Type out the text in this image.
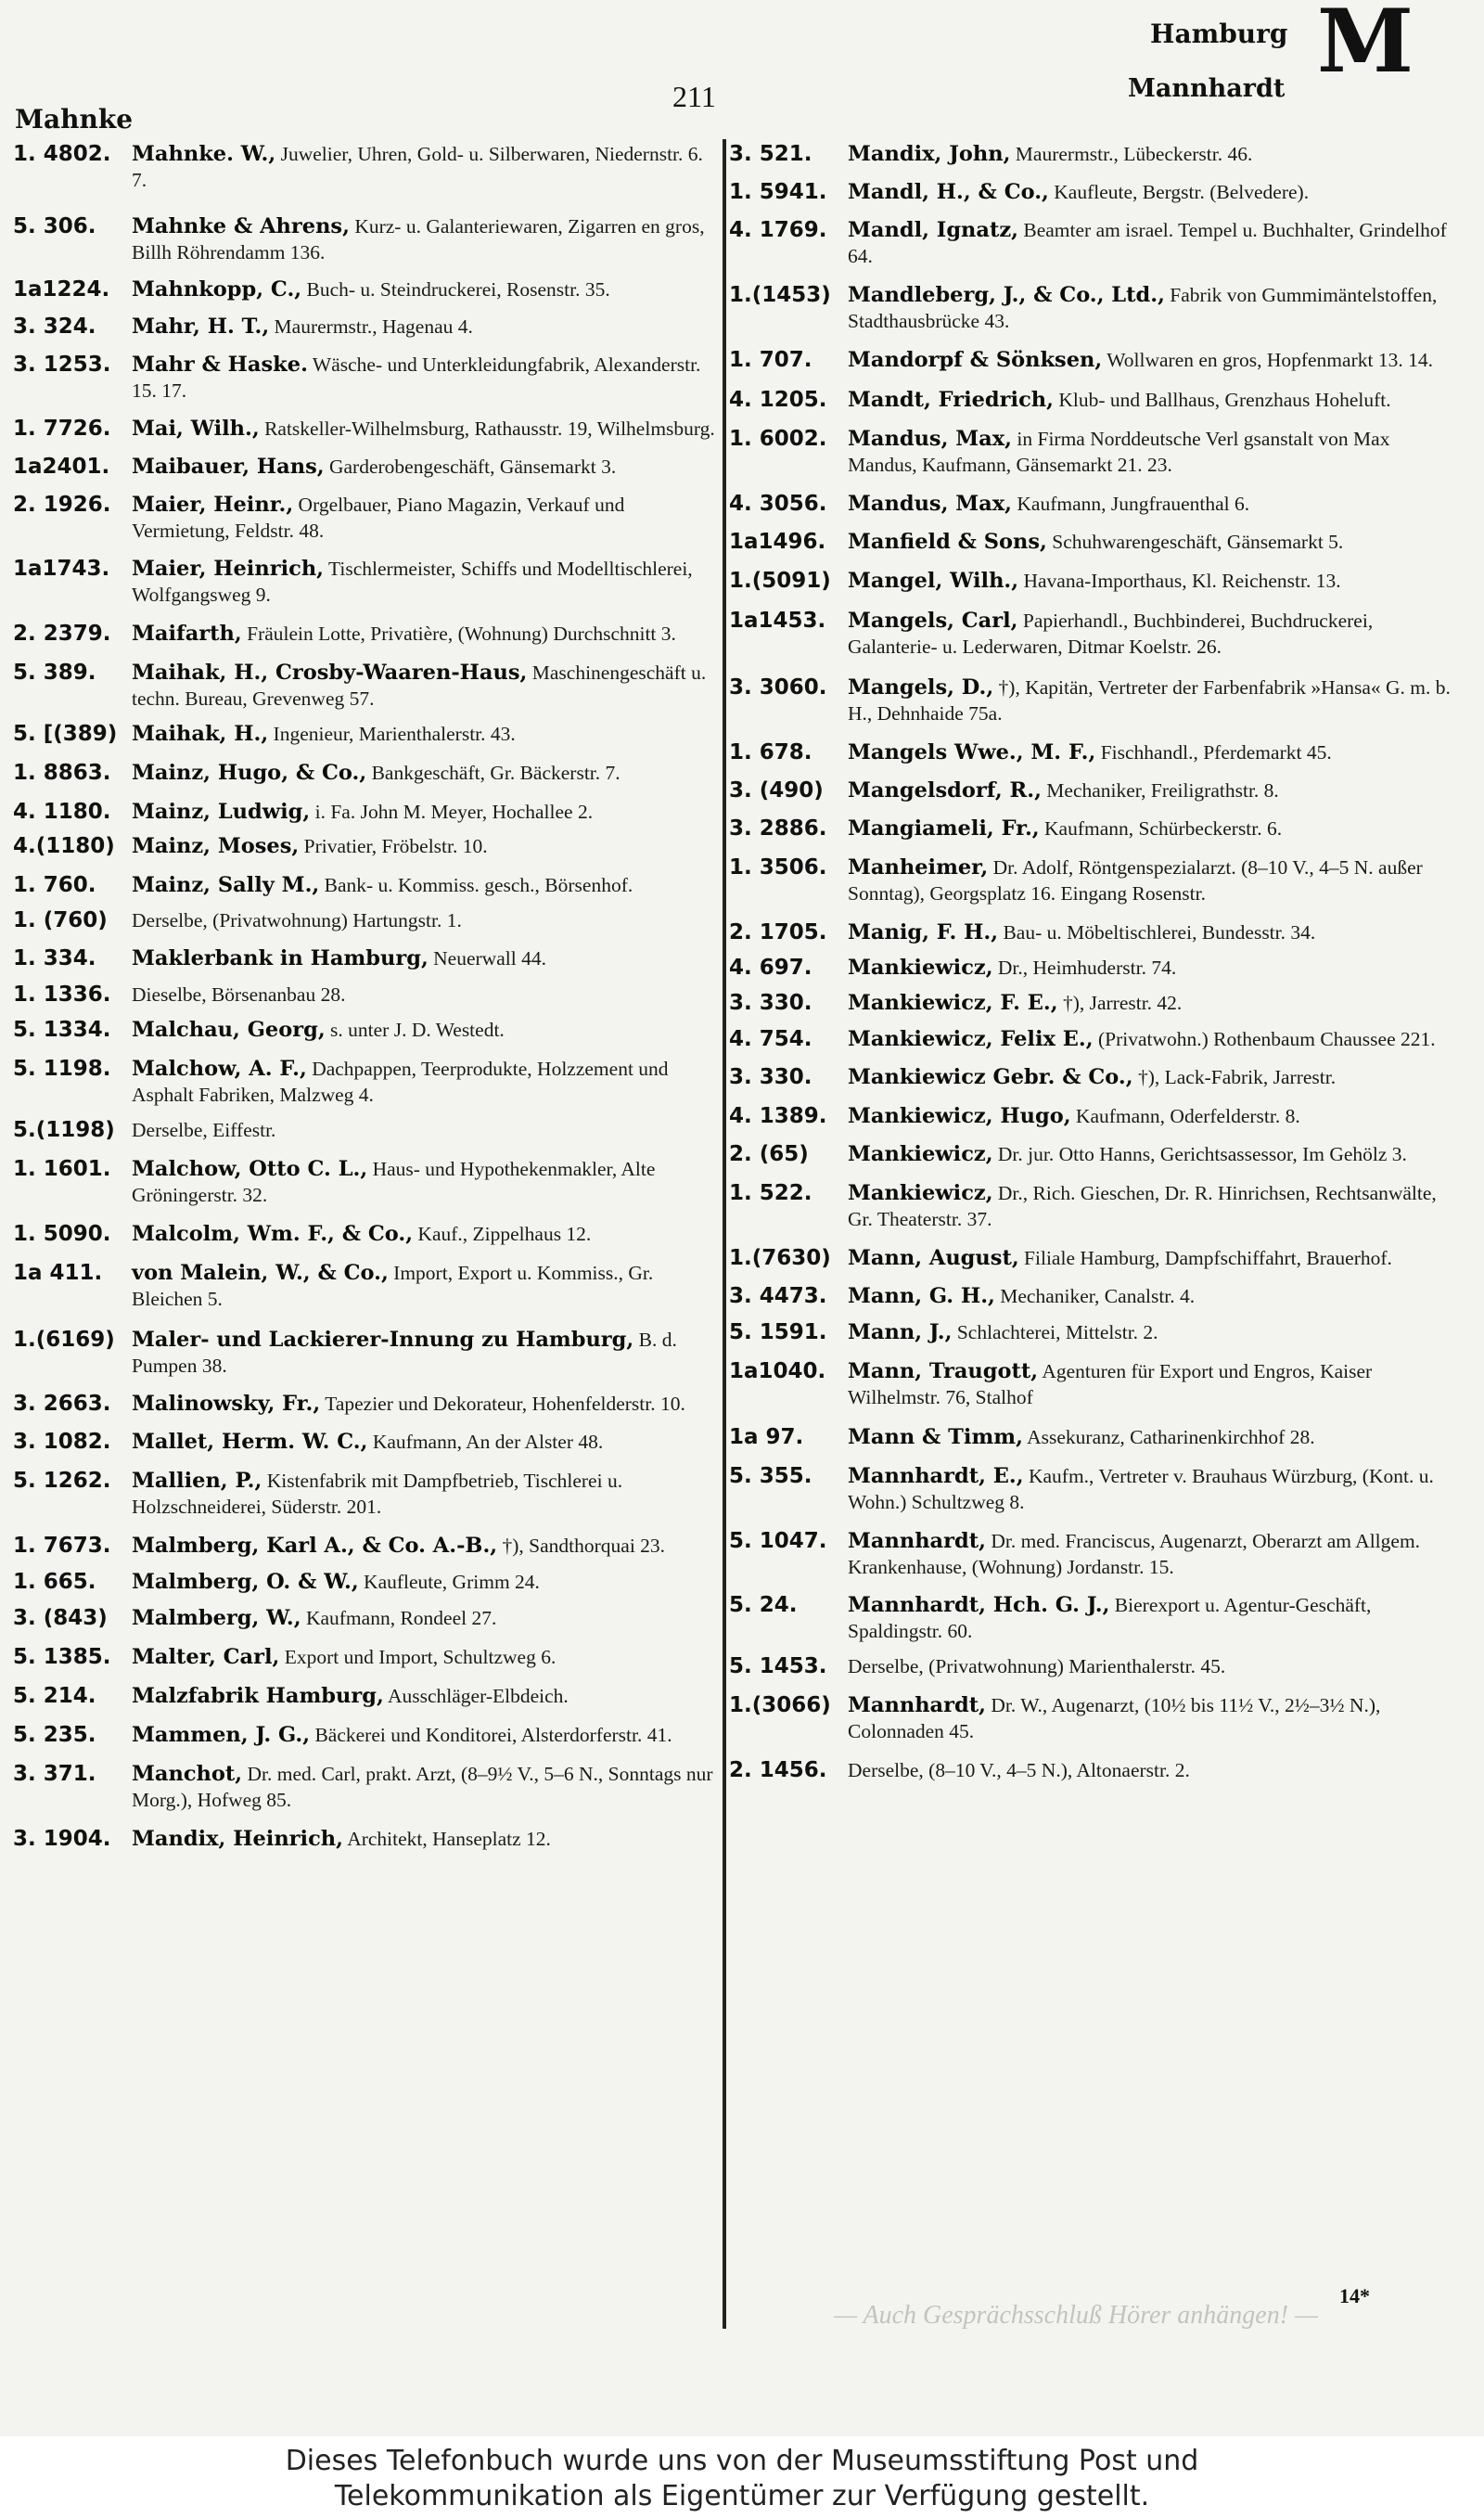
Mahnke
211
Hamburg
Mannhardt M
1. 4802. Mahnke. W., Juwelier, Uhren, Gold- u. Silberwaren, Niedernstr. 6. 7.
5. 306. Mahnke & Ahrens, Kurz- u. Galanteriewaren, Zigarren en gros, Billh Röhrendamm 136.
1a1224. Mahnkopp, C., Buch- u. Steindruckerei, Rosenstr. 35.
3. 324. Mahr, H. T., Maurermstr., Hagenau 4.
3. 1253. Mahr & Haske. Wäsche- und Unterkleidungfabrik, Alexanderstr. 15. 17.
1. 7726. Mai, Wilh., Ratskeller-Wilhelmsburg, Rathausstr. 19, Wilhelmsburg.
1a2401. Maibauer, Hans, Garderobengeschäft, Gänsemarkt 3.
2. 1926. Maier, Heinr., Orgelbauer, Piano Magazin, Verkauf und Vermietung, Feldstr. 48.
1a1743. Maier, Heinrich, Tischlermeister, Schiffs und Modelltischlerei, Wolfgangsweg 9.
2. 2379. Maifarth, Fräulein Lotte, Privatière, (Wohnung) Durchschnitt 3.
5. 389. Maihak, H., Crosby-Waaren-Haus, Maschinengeschäft u. techn. Bureau, Grevenweg 57.
5. [(389) Maihak, H., Ingenieur, Marienthalerstr. 43.
1. 8863. Mainz, Hugo, & Co., Bankgeschäft, Gr. Bäckerstr. 7.
4. 1180. Mainz, Ludwig, i. Fa. John M. Meyer, Hochallee 2.
4.(1180) Mainz, Moses, Privatier, Fröbelstr. 10.
1. 760. Mainz, Sally M., Bank- u. Kommiss. gesch., Börsenhof.
1. (760) Derselbe, (Privatwohnung) Hartungstr. 1.
1. 334. Maklerbank in Hamburg, Neuerwall 44.
1. 1336. Dieselbe, Börsenanbau 28.
5. 1334. Malchau, Georg, s. unter J. D. Westedt.
5. 1198. Malchow, A. F., Dachpappen, Teerprodukte, Holzzement und Asphalt Fabriken, Malzweg 4.
5.(1198) Derselbe, Eiffestr.
1. 1601. Malchow, Otto C. L., Haus- und Hypothekenmakler, Alte Gröningerstr. 32.
1. 5090. Malcolm, Wm. F., & Co., Kauf., Zippelhaus 12.
1a 411. von Malein, W., & Co., Import, Export u. Kommiss., Gr. Bleichen 5.
1.(6169) Maler- und Lackierer-Innung zu Hamburg, B. d. Pumpen 38.
3. 2663. Malinowsky, Fr., Tapezier und Dekorateur, Hohenfelderstr. 10.
3. 1082. Mallet, Herm. W. C., Kaufmann, An der Alster 48.
5. 1262. Mallien, P., Kistenfabrik mit Dampfbetrieb, Tischlerei u. Holzschneiderei, Süderstr. 201.
1. 7673. Malmberg, Karl A., & Co. A.-B., †), Sandthorquai 23.
1. 665. Malmberg, O. & W., Kaufleute, Grimm 24.
3. (843) Malmberg, W., Kaufmann, Rondeel 27.
5. 1385. Malter, Carl, Export und Import, Schultzweg 6.
5. 214. Malzfabrik Hamburg, Ausschläger-Elbdeich.
5. 235. Mammen, J. G., Bäckerei und Konditorei, Alsterdorferstr. 41.
3. 371. Manchot, Dr. med. Carl, prakt. Arzt, (8–9½ V., 5–6 N., Sonntags nur Morg.), Hofweg 85.
3. 1904. Mandix, Heinrich, Architekt, Hanseplatz 12.
3. 521. Mandix, John, Maurermstr., Lübeckerstr. 46.
1. 5941. Mandl, H., & Co., Kaufleute, Bergstr. (Belvedere).
4. 1769. Mandl, Ignatz, Beamter am israel. Tempel u. Buchhalter, Grindelhof 64.
1.(1453) Mandleberg, J., & Co., Ltd., Fabrik von Gummimäntelstoffen, Stadthausbrücke 43.
1. 707. Mandorpf & Sönksen, Wollwaren en gros, Hopfenmarkt 13. 14.
4. 1205. Mandt, Friedrich, Klub- und Ballhaus, Grenzhaus Hoheluft.
1. 6002. Mandus, Max, in Firma Norddeutsche Verl gsanstalt von Max Mandus, Kaufmann, Gänsemarkt 21. 23.
4. 3056. Mandus, Max, Kaufmann, Jungfrauenthal 6.
1a1496. Manfield & Sons, Schuhwarengeschäft, Gänsemarkt 5.
1.(5091) Mangel, Wilh., Havana-Importhaus, Kl. Reichenstr. 13.
1a1453. Mangels, Carl, Papierhandl., Buchbinderei, Buchdruckerei, Galanterie- u. Lederwaren, Ditmar Koelstr. 26.
3. 3060. Mangels, D., †), Kapitän, Vertreter der Farbenfabrik »Hansa« G. m. b. H., Dehnhaide 75a.
1. 678. Mangels Wwe., M. F., Fischhandl., Pferdemarkt 45.
3. (490) Mangelsdorf, R., Mechaniker, Freiligrathstr. 8.
3. 2886. Mangiameli, Fr., Kaufmann, Schürbeckerstr. 6.
1. 3506. Manheimer, Dr. Adolf, Röntgenspezialarzt. (8–10 V., 4–5 N. außer Sonntag), Georgsplatz 16. Eingang Rosenstr.
2. 1705. Manig, F. H., Bau- u. Möbeltischlerei, Bundesstr. 34.
4. 697. Mankiewicz, Dr., Heimhuderstr. 74.
3. 330. Mankiewicz, F. E., †), Jarrestr. 42.
4. 754. Mankiewicz, Felix E., (Privatwohn.) Rothenbaum Chaussee 221.
3. 330. Mankiewicz Gebr. & Co., †), Lack-Fabrik, Jarrestr.
4. 1389. Mankiewicz, Hugo, Kaufmann, Oderfelderstr. 8.
2. (65) Mankiewicz, Dr. jur. Otto Hanns, Gerichtsassessor, Im Gehölz 3.
1. 522. Mankiewicz, Dr., Rich. Gieschen, Dr. R. Hinrichsen, Rechtsanwälte, Gr. Theaterstr. 37.
1.(7630) Mann, August, Filiale Hamburg, Dampfschiffahrt, Brauerhof.
3. 4473. Mann, G. H., Mechaniker, Canalstr. 4.
5. 1591. Mann, J., Schlachterei, Mittelstr. 2.
1a1040. Mann, Traugott, Agenturen für Export und Engros, Kaiser Wilhelmstr. 76, Stalhof
1a 97. Mann & Timm, Assekuranz, Catharinenkirchhof 28.
5. 355. Mannhardt, E., Kaufm., Vertreter v. Brauhaus Würzburg, (Kont. u. Wohn.) Schultzweg 8.
5. 1047. Mannhardt, Dr. med. Franciscus, Augenarzt, Oberarzt am Allgem. Krankenhause, (Wohnung) Jordanstr. 15.
5. 24. Mannhardt, Hch. G. J., Bierexport u. Agentur-Geschäft, Spaldingstr. 60.
5. 1453. Derselbe, (Privatwohnung) Marienthalerstr. 45.
1.(3066) Mannhardt, Dr. W., Augenarzt, (10½ bis 11½ V., 2½–3½ N.), Colonnaden 45.
2. 1456. Derselbe, (8–10 V., 4–5 N.), Altonaerstr. 2.
— Auch Gesprächsschluß Hörer anhängen! —
14*
Dieses Telefonbuch wurde uns von der Museumsstiftung Post und
Telekommunikation als Eigentümer zur Verfügung gestellt.
